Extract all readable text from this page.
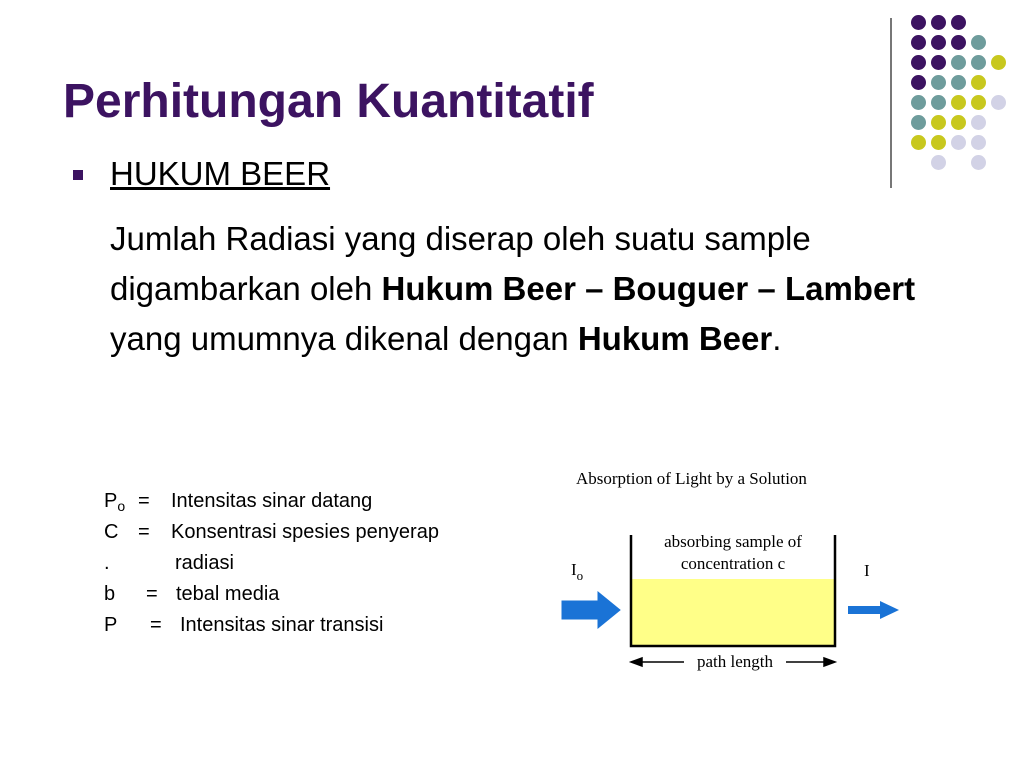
Perhitungan Kuantitatif
HUKUM BEER
Jumlah Radiasi yang diserap oleh suatu sample digambarkan oleh Hukum Beer – Bouguer – Lambert yang umumnya dikenal dengan Hukum Beer.
$P_o$ = Intensitas sinar datang
C = Konsentrasi spesies penyerap
.	radiasi
b = tebal media
P = Intensitas sinar transisi
Absorption of Light by a Solution
absorbing sample of
concentration c
$I_o$	I
path length
